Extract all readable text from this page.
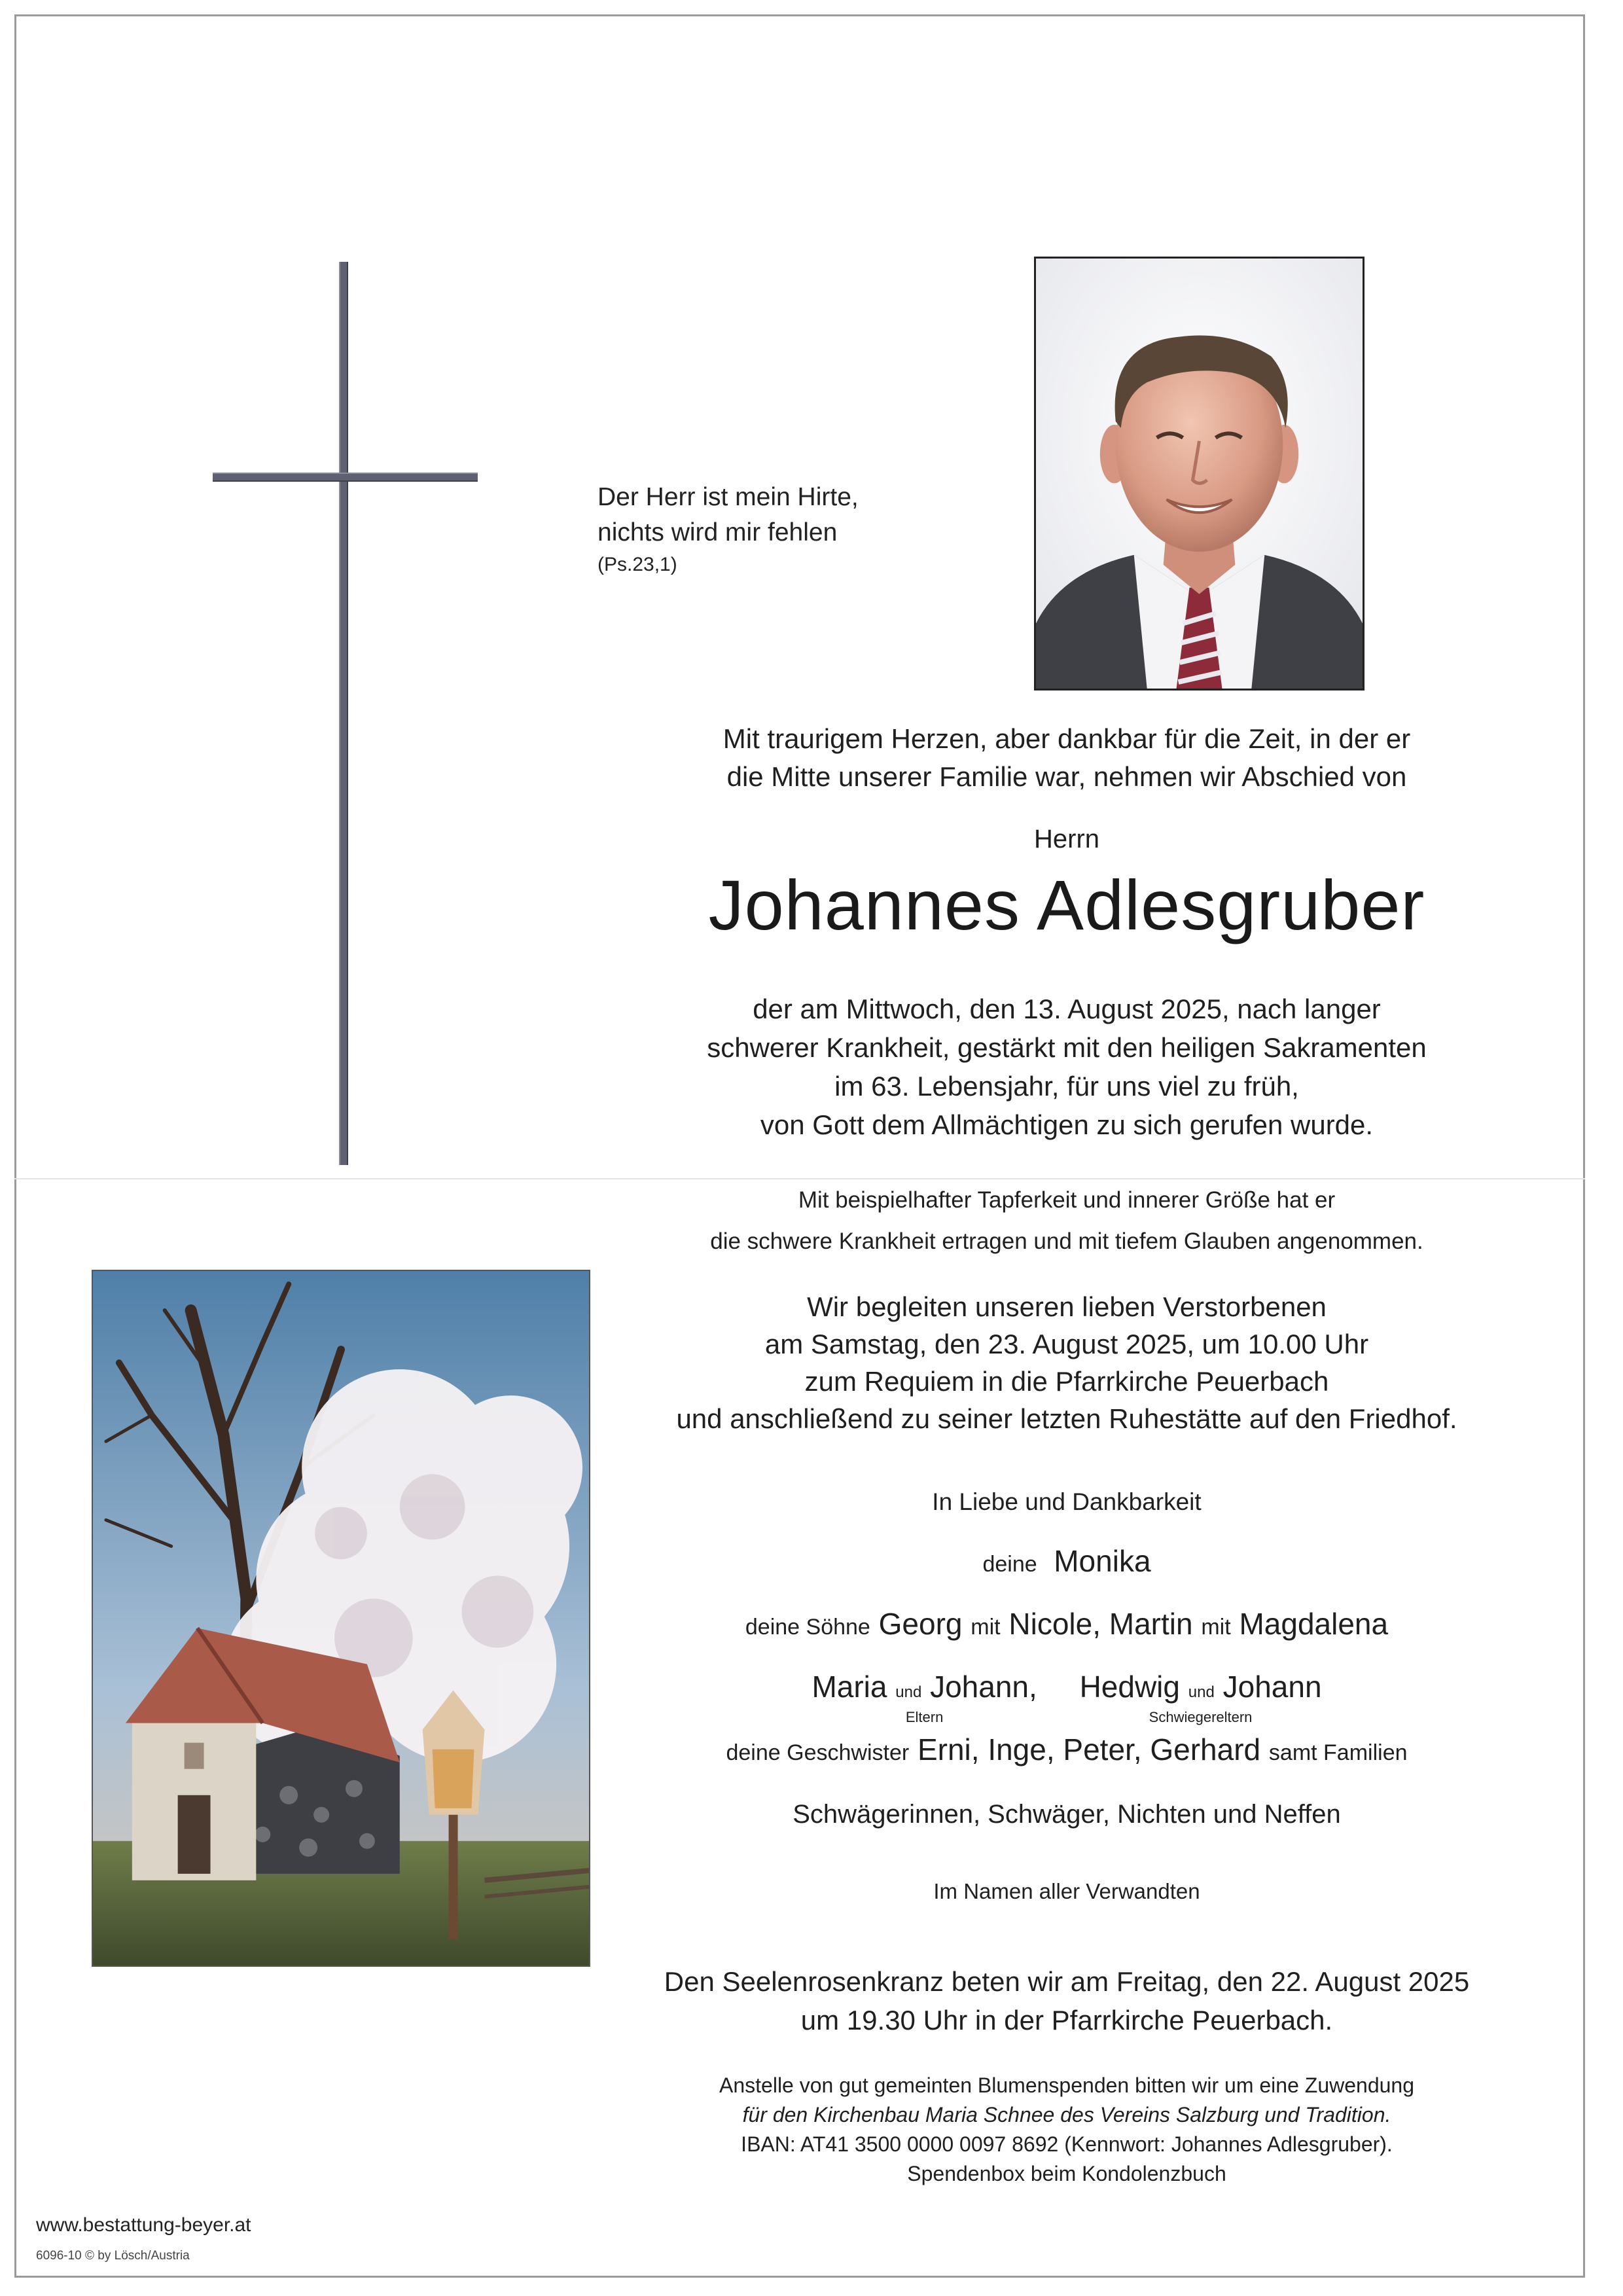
Der Herr ist mein Hirte,
nichts wird mir fehlen
(Ps.23,1)
Mit traurigem Herzen, aber dankbar für die Zeit, in der er
die Mitte unserer Familie war, nehmen wir Abschied von
Herrn
Johannes Adlesgruber
der am Mittwoch, den 13. August 2025, nach langer
schwerer Krankheit, gestärkt mit den heiligen Sakramenten
im 63. Lebensjahr, für uns viel zu früh,
von Gott dem Allmächtigen zu sich gerufen wurde.
Mit beispielhafter Tapferkeit und innerer Größe hat er
die schwere Krankheit ertragen und mit tiefem Glauben angenommen.
Wir begleiten unseren lieben Verstorbenen
am Samstag, den 23. August 2025, um 10.00 Uhr
zum Requiem in die Pfarrkirche Peuerbach
und anschließend zu seiner letzten Ruhestätte auf den Friedhof.
In Liebe und Dankbarkeit
deine Monika
deine Söhne Georg mit Nicole, Martin mit Magdalena
Maria und Johann,
Eltern
Hedwig und Johann
Schwiegereltern
deine Geschwister Erni, Inge, Peter, Gerhard samt Familien
Schwägerinnen, Schwäger, Nichten und Neffen
Im Namen aller Verwandten
Den Seelenrosenkranz beten wir am Freitag, den 22. August 2025
um 19.30 Uhr in der Pfarrkirche Peuerbach.
Anstelle von gut gemeinten Blumenspenden bitten wir um eine Zuwendung
für den Kirchenbau Maria Schnee des Vereins Salzburg und Tradition.
IBAN: AT41 3500 0000 0097 8692 (Kennwort: Johannes Adlesgruber).
Spendenbox beim Kondolenzbuch
www.bestattung-beyer.at
6096-10 © by Lösch/Austria
